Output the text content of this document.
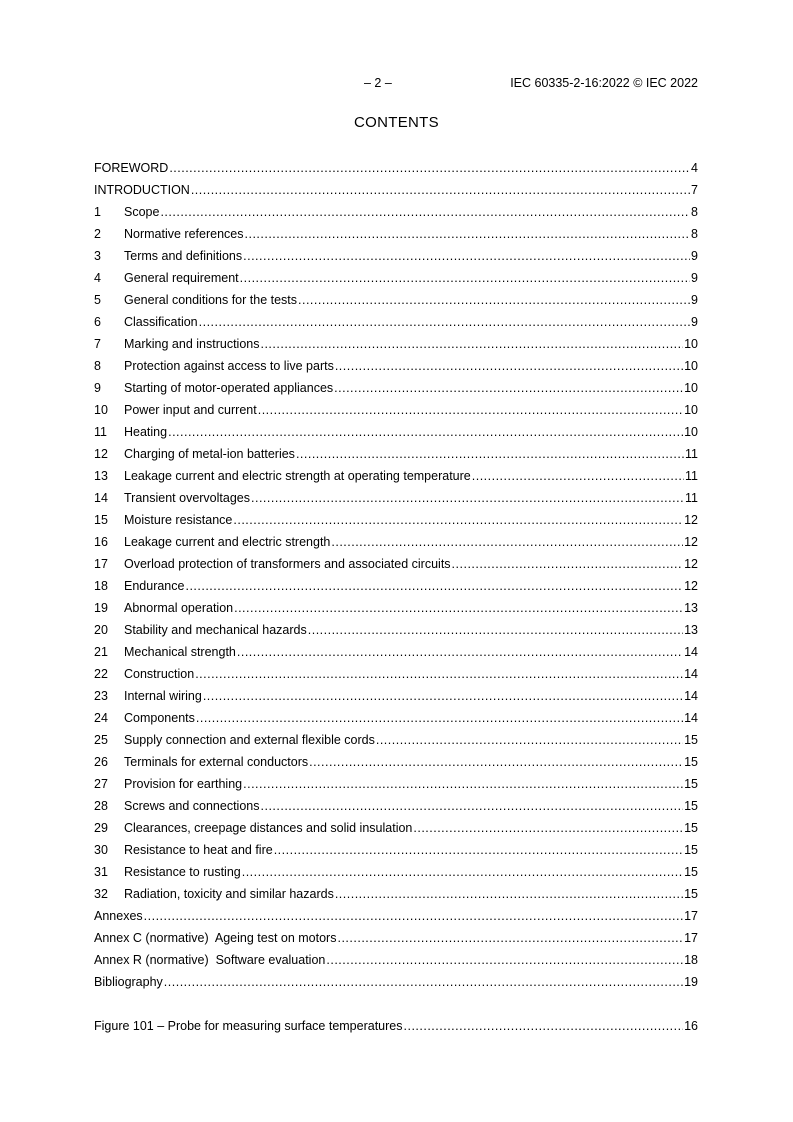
– 2 –	IEC 60335-2-16:2022 © IEC 2022
CONTENTS
FOREWORD .....	4
INTRODUCTION .....	7
1	Scope .....	8
2	Normative references .....	8
3	Terms and definitions .....	9
4	General requirement .....	9
5	General conditions for the tests .....	9
6	Classification .....	9
7	Marking and instructions .....	10
8	Protection against access to live parts .....	10
9	Starting of motor-operated appliances .....	10
10	Power input and current .....	10
11	Heating .....	10
12	Charging of metal-ion batteries .....	11
13	Leakage current and electric strength at operating temperature .....	11
14	Transient overvoltages .....	11
15	Moisture resistance .....	12
16	Leakage current and electric strength .....	12
17	Overload protection of transformers and associated circuits .....	12
18	Endurance .....	12
19	Abnormal operation .....	13
20	Stability and mechanical hazards .....	13
21	Mechanical strength .....	14
22	Construction .....	14
23	Internal wiring .....	14
24	Components .....	14
25	Supply connection and external flexible cords .....	15
26	Terminals for external conductors .....	15
27	Provision for earthing .....	15
28	Screws and connections .....	15
29	Clearances, creepage distances and solid insulation .....	15
30	Resistance to heat and fire .....	15
31	Resistance to rusting .....	15
32	Radiation, toxicity and similar hazards .....	15
Annexes .....	17
Annex C (normative)  Ageing test on motors .....	17
Annex R (normative)  Software evaluation .....	18
Bibliography .....	19
Figure 101 – Probe for measuring surface temperatures .....	16
